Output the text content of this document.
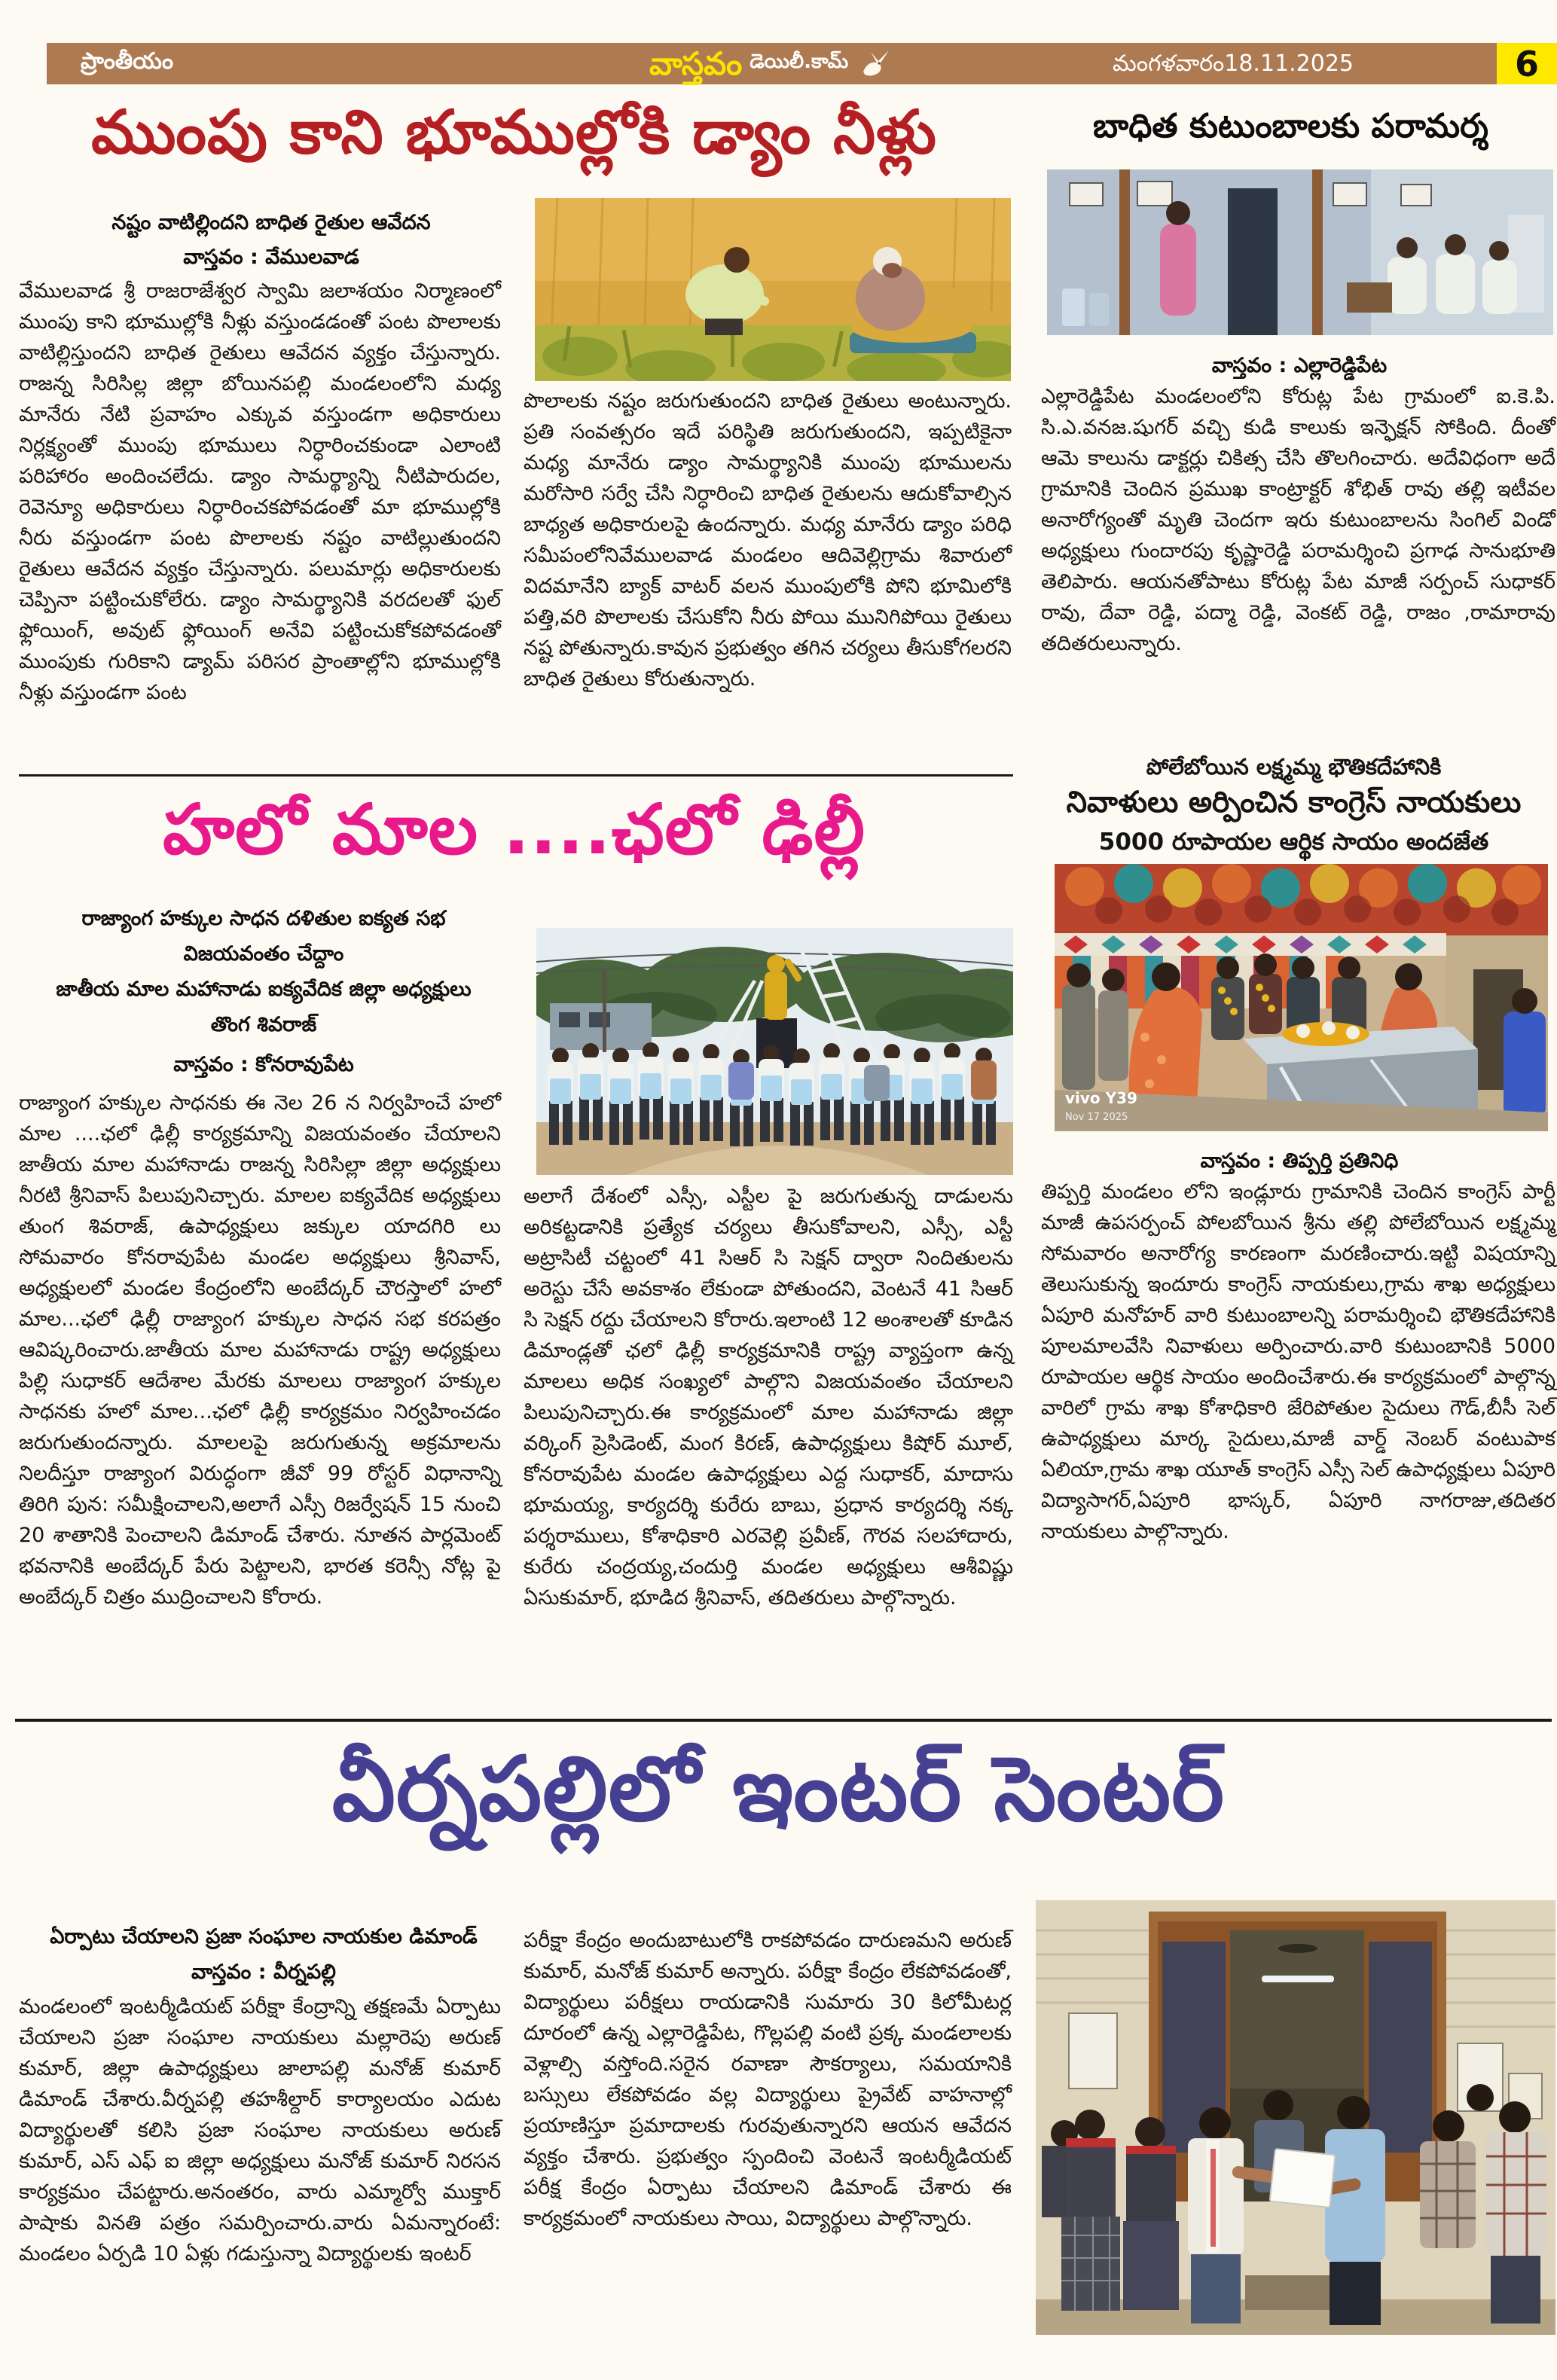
ప్రాంతీయం	వాస్తవం డెయిలీ.కామ్	మంగళవారం18.11.2025	6
ముంపు కాని భూముల్లోకి డ్యాం నీళ్లు
నష్టం వాటిల్లిందని బాధిత రైతుల ఆవేదన
వాస్తవం : వేములవాడ
వేములవాడ శ్రీ రాజరాజేశ్వర స్వామి జలాశయం నిర్మాణంలో ముంపు కాని భూముల్లోకి నీళ్లు వస్తుండడంతో పంట పొలాలకు వాటిల్లిస్తుందని బాధిత రైతులు ఆవేదన వ్యక్తం చేస్తున్నారు. రాజన్న సిరిసిల్ల జిల్లా బోయినపల్లి మండలంలోని మధ్య మానేరు నేటి ప్రవాహం ఎక్కువ వస్తుండగా అధికారులు నిర్లక్ష్యంతో ముంపు భూములు నిర్ధారించకుండా ఎలాంటి పరిహారం అందించలేదు. డ్యాం సామర్థ్యాన్ని నీటిపారుదల, రెవెన్యూ అధికారులు నిర్ధారించకపోవడంతో మా భూముల్లోకి నీరు వస్తుండగా పంట పొలాలకు నష్టం వాటిల్లుతుందని రైతులు ఆవేదన వ్యక్తం చేస్తున్నారు. పలుమార్లు అధికారులకు చెప్పినా పట్టించుకోలేరు. డ్యాం సామర్థ్యానికి వరదలతో ఫుల్ ఫ్లోయింగ్, అవుట్ ఫ్లోయింగ్ అనేవి పట్టించుకోకపోవడంతో ముంపుకు గురికాని డ్యామ్ పరిసర ప్రాంతాల్లోని భూముల్లోకి నీళ్లు వస్తుండగా పంట
పొలాలకు నష్టం జరుగుతుందని బాధిత రైతులు అంటున్నారు. ప్రతి సంవత్సరం ఇదే పరిస్థితి జరుగుతుందని, ఇప్పటికైనా మధ్య మానేరు డ్యాం సామర్థ్యానికి ముంపు భూములను మరోసారి సర్వే చేసి నిర్ధారించి బాధిత రైతులను ఆదుకోవాల్సిన బాధ్యత అధికారులపై ఉందన్నారు. మధ్య మానేరు డ్యాం పరిధి సమీపంలోనివేములవాడ మండలం ఆదివెల్లిగ్రామ శివారులో విదమానేని బ్యాక్ వాటర్ వలన ముంపులోకి పోని భూమిలోకి పత్తి,వరి పొలాలకు చేసుకోని నీరు పోయి మునిగిపోయి రైతులు నష్ట పోతున్నారు.కావున ప్రభుత్వం తగిన చర్యలు తీసుకోగలరని బాధిత రైతులు కోరుతున్నారు.
హలో మాల ....ఛలో ఢిల్లీ
రాజ్యాంగ హక్కుల సాధన దళితుల ఐక్యత సభ
విజయవంతం చేద్దాం
జాతీయ మాల మహానాడు ఐక్యవేదిక జిల్లా అధ్యక్షులు
తొంగ శివరాజ్
వాస్తవం : కోనరావుపేట
రాజ్యాంగ హక్కుల సాధనకు ఈ నెల 26 న నిర్వహించే హలో మాల ....ఛలో ఢిల్లీ కార్యక్రమాన్ని విజయవంతం చేయాలని జాతీయ మాల మహానాడు రాజన్న సిరిసిల్లా జిల్లా అధ్యక్షులు నీరటి శ్రీనివాస్ పిలుపునిచ్చారు. మాలల ఐక్యవేదిక అధ్యక్షులు తుంగ శివరాజ్, ఉపాధ్యక్షులు జక్కుల యాదగిరి లు సోమవారం కోనరావుపేట మండల అధ్యక్షులు శ్రీనివాస్, అధ్యక్షులలో మండల కేంద్రంలోని అంబేద్కర్ చౌరస్తాలో హలో మాల...ఛలో ఢిల్లీ రాజ్యాంగ హక్కుల సాధన సభ కరపత్రం ఆవిష్కరించారు.జాతీయ మాల మహానాడు రాష్ట్ర అధ్యక్షులు పిల్లి సుధాకర్ ఆదేశాల మేరకు మాలలు రాజ్యాంగ హక్కుల సాధనకు హలో మాల...ఛలో ఢిల్లీ కార్యక్రమం నిర్వహించడం జరుగుతుందన్నారు. మాలలపై జరుగుతున్న అక్రమాలను నిలదీస్తూ రాజ్యాంగ విరుద్ధంగా జీవో 99 రోస్టర్ విధానాన్ని తిరిగి పున: సమీక్షించాలని,అలాగే ఎస్సీ రిజర్వేషన్ 15 నుంచి 20 శాతానికి పెంచాలని డిమాండ్ చేశారు. నూతన పార్లమెంట్ భవనానికి అంబేద్కర్ పేరు పెట్టాలని, భారత కరెన్సీ నోట్ల పై అంబేద్కర్ చిత్రం ముద్రించాలని కోరారు.
అలాగే దేశంలో ఎస్సీ, ఎస్టీల పై జరుగుతున్న దాడులను అరికట్టడానికి ప్రత్యేక చర్యలు తీసుకోవాలని, ఎస్సీ, ఎస్టీ అట్రాసిటీ చట్టంలో 41 సిఆర్ సి సెక్షన్ ద్వారా నిందితులను అరెస్టు చేసే అవకాశం లేకుండా పోతుందని, వెంటనే 41 సిఆర్ సి సెక్షన్ రద్దు చేయాలని కోరారు.ఇలాంటి 12 అంశాలతో కూడిన డిమాండ్లతో ఛలో ఢిల్లీ కార్యక్రమానికి రాష్ట్ర వ్యాప్తంగా ఉన్న మాలలు అధిక సంఖ్యలో పాల్గొని విజయవంతం చేయాలని పిలుపునిచ్చారు.ఈ కార్యక్రమంలో మాల మహానాడు జిల్లా వర్కింగ్ ప్రెసిడెంట్, మంగ కిరణ్, ఉపాధ్యక్షులు కిషోర్ మూల్, కోనరావుపేట మండల ఉపాధ్యక్షులు ఎద్ద సుధాకర్, మాదాసు భూమయ్య, కార్యదర్శి కురేరు బాబు, ప్రధాన కార్యదర్శి నక్క పర్శరాములు, కోశాధికారి ఎరవెల్లి ప్రవీణ్, గౌరవ సలహాదారు, కురేరు చంద్రయ్య,చందుర్తి మండల అధ్యక్షులు ఆశీవిష్ణు ఏసుకుమార్, భూడిద శ్రీనివాస్, తదితరులు పాల్గొన్నారు.
బాధిత కుటుంబాలకు పరామర్శ
వాస్తవం : ఎల్లారెడ్డిపేట
ఎల్లారెడ్డిపేట మండలంలోని కోరుట్ల పేట గ్రామంలో ఐ.కె.పి. సి.ఎ.వనజ.షుగర్ వచ్చి కుడి కాలుకు ఇన్ఫెక్షన్ సోకింది. దీంతో ఆమె కాలును డాక్టర్లు చికిత్స చేసి తొలగించారు. అదేవిధంగా అదే గ్రామానికి చెందిన ప్రముఖ కాంట్రాక్టర్ శోభిత్ రావు తల్లి ఇటీవల అనారోగ్యంతో మృతి చెందగా ఇరు కుటుంబాలను సింగిల్ విండో అధ్యక్షులు గుందారపు కృష్ణారెడ్డి పరామర్శించి ప్రగాఢ సానుభూతి తెలిపారు. ఆయనతోపాటు కోరుట్ల పేట మాజీ సర్పంచ్ సుధాకర్ రావు, దేవా రెడ్డి, పద్మా రెడ్డి, వెంకట్ రెడ్డి, రాజం ,రామారావు తదితరులున్నారు.
పోలేబోయిన లక్ష్మమ్మ భౌతికదేహానికి
నివాళులు అర్పించిన కాంగ్రెస్ నాయకులు
5000 రూపాయల ఆర్థిక సాయం అందజేత
vivo Y39
Nov 17 2025
వాస్తవం : తిప్పర్తి ప్రతినిధి
తిప్పర్తి మండలం లోని ఇండ్లూరు గ్రామానికి చెందిన కాంగ్రెస్ పార్టీ మాజీ ఉపసర్పంచ్ పోలబోయిన శ్రీను తల్లి పోలేబోయిన లక్ష్మమ్మ సోమవారం అనారోగ్య కారణంగా మరణించారు.ఇట్టి విషయాన్ని తెలుసుకున్న ఇందూరు కాంగ్రెస్ నాయకులు,గ్రామ శాఖ అధ్యక్షులు ఏపూరి మనోహర్ వారి కుటుంబాలన్ని పరామర్శించి భౌతికదేహానికి పూలమాలవేసి నివాళులు అర్పించారు.వారి కుటుంబానికి 5000 రూపాయల ఆర్థిక సాయం అందించేశారు.ఈ కార్యక్రమంలో పాల్గొన్న వారిలో గ్రామ శాఖ కోశాధికారి జేరిపోతుల సైదులు గౌడ్,బీసీ సెల్ ఉపాధ్యక్షులు మార్క సైదులు,మాజీ వార్డ్ నెంబర్ వంటుపాక ఏలియా,గ్రామ శాఖ యూత్ కాంగ్రెస్ ఎస్సీ సెల్ ఉపాధ్యక్షులు ఏపూరి విద్యాసాగర్,ఏపూరి భాస్కర్, ఏపూరి నాగరాజు,తదితర నాయకులు పాల్గొన్నారు.
వీర్నపల్లిలో ఇంటర్ సెంటర్
ఏర్పాటు చేయాలని ప్రజా సంఘాల నాయకుల డిమాండ్
వాస్తవం : వీర్నపల్లి
మండలంలో ఇంటర్మీడియట్ పరీక్షా కేంద్రాన్ని తక్షణమే ఏర్పాటు చేయాలని ప్రజా సంఘాల నాయకులు మల్లారెపు అరుణ్ కుమార్, జిల్లా ఉపాధ్యక్షులు జాలాపల్లి మనోజ్ కుమార్ డిమాండ్ చేశారు.వీర్నపల్లి తహశీల్దార్ కార్యాలయం ఎదుట విద్యార్థులతో కలిసి ప్రజా సంఘాల నాయకులు అరుణ్ కుమార్, ఎస్ ఎఫ్ ఐ జిల్లా అధ్యక్షులు మనోజ్ కుమార్ నిరసన కార్యక్రమం చేపట్టారు.అనంతరం, వారు ఎమ్మార్వో ముక్తార్ పాషాకు వినతి పత్రం సమర్పించారు.వారు ఏమన్నారంటే: మండలం ఏర్పడి 10 ఏళ్లు గడుస్తున్నా విద్యార్థులకు ఇంటర్
పరీక్షా కేంద్రం అందుబాటులోకి రాకపోవడం దారుణమని అరుణ్ కుమార్, మనోజ్ కుమార్ అన్నారు. పరీక్షా కేంద్రం లేకపోవడంతో, విద్యార్థులు పరీక్షలు రాయడానికి సుమారు 30 కిలోమీటర్ల దూరంలో ఉన్న ఎల్లారెడ్డిపేట, గొల్లపల్లి వంటి ప్రక్క మండలాలకు వెళ్లాల్సి వస్తోంది.సరైన రవాణా సౌకర్యాలు, సమయానికి బస్సులు లేకపోవడం వల్ల విద్యార్థులు ప్రైవేట్ వాహనాల్లో ప్రయాణిస్తూ ప్రమాదాలకు గురవుతున్నారని ఆయన ఆవేదన వ్యక్తం చేశారు. ప్రభుత్వం స్పందించి వెంటనే ఇంటర్మీడియట్ పరీక్ష కేంద్రం ఏర్పాటు చేయాలని డిమాండ్ చేశారు ఈ కార్యక్రమంలో నాయకులు సాయి, విద్యార్థులు పాల్గొన్నారు.
